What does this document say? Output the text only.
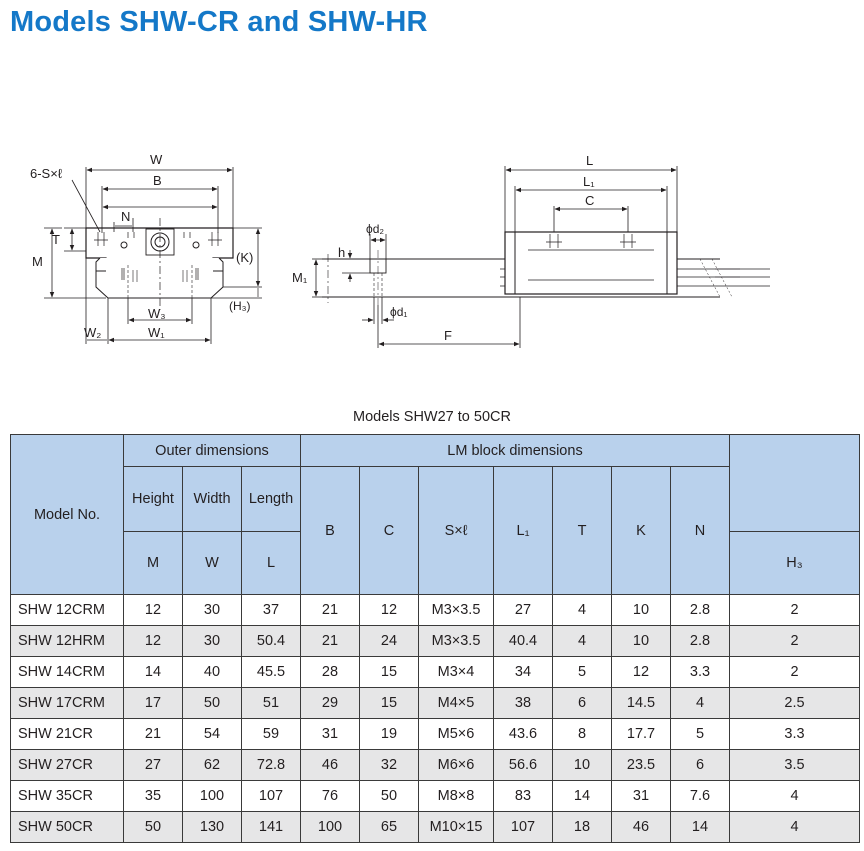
Models SHW-CR and SHW-HR
W
B
N
T
M	(K)
(H₃)
W₃
W₁
W₂
6-S×ℓ
L
L₁
C
ϕd₂
h
M₁
ϕd₁
F
Models SHW27 to 50CR
Model No.	Outer dimensions			LM block dimensions							
	Height	Width	Length	B	C	S×ℓ	L₁	T	K	N	
	M	W	L								H₃
SHW 12CRM	12	30	37	21	12	M3×3.5	27	4	10	2.8	2
SHW 12HRM	12	30	50.4	21	24	M3×3.5	40.4	4	10	2.8	2
SHW 14CRM	14	40	45.5	28	15	M3×4	34	5	12	3.3	2
SHW 17CRM	17	50	51	29	15	M4×5	38	6	14.5	4	2.5
SHW 21CR	21	54	59	31	19	M5×6	43.6	8	17.7	5	3.3
SHW 27CR	27	62	72.8	46	32	M6×6	56.6	10	23.5	6	3.5
SHW 35CR	35	100	107	76	50	M8×8	83	14	31	7.6	4
SHW 50CR	50	130	141	100	65	M10×15	107	18	46	14	4
